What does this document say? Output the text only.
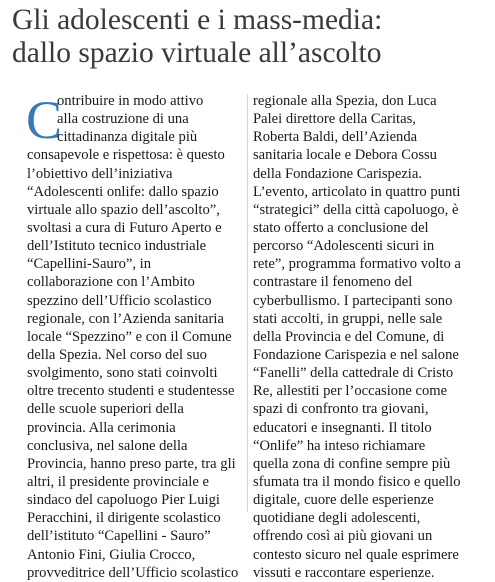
Gli adolescenti e i mass-media:
dallo spazio virtuale all’ascolto
C
ontribuire in modo attivo
alla costruzione di una
cittadinanza digitale più
consapevole e rispettosa: è questo
l’obiettivo dell’iniziativa
“Adolescenti onlife: dallo spazio
virtuale allo spazio dell’ascolto”,
svoltasi a cura di Futuro Aperto e
dell’Istituto tecnico industriale
“Capellini-Sauro”, in
collaborazione con l’Ambito
spezzino dell’Ufficio scolastico
regionale, con l’Azienda sanitaria
locale “Spezzino” e con il Comune
della Spezia. Nel corso del suo
svolgimento, sono stati coinvolti
oltre trecento studenti e studentesse
delle scuole superiori della
provincia. Alla cerimonia
conclusiva, nel salone della
Provincia, hanno preso parte, tra gli
altri, il presidente provinciale e
sindaco del capoluogo Pier Luigi
Peracchini, il dirigente scolastico
dell’istituto “Capellini - Sauro”
Antonio Fini, Giulia Crocco,
provveditrice dell’Ufficio scolastico
regionale alla Spezia, don Luca
Palei direttore della Caritas,
Roberta Baldi, dell’Azienda
sanitaria locale e Debora Cossu
della Fondazione Carispezia.
L’evento, articolato in quattro punti
“strategici” della città capoluogo, è
stato offerto a conclusione del
percorso “Adolescenti sicuri in
rete”, programma formativo volto a
contrastare il fenomeno del
cyberbullismo. I partecipanti sono
stati accolti, in gruppi, nelle sale
della Provincia e del Comune, di
Fondazione Carispezia e nel salone
“Fanelli” della cattedrale di Cristo
Re, allestiti per l’occasione come
spazi di confronto tra giovani,
educatori e insegnanti. Il titolo
“Onlife” ha inteso richiamare
quella zona di confine sempre più
sfumata tra il mondo fisico e quello
digitale, cuore delle esperienze
quotidiane degli adolescenti,
offrendo così ai più giovani un
contesto sicuro nel quale esprimere
vissuti e raccontare esperienze.
